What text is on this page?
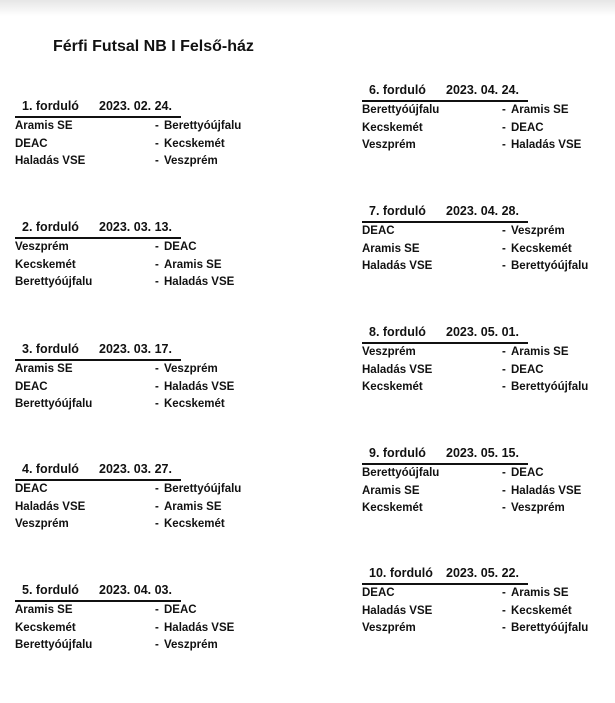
Férfi Futsal NB I Felső-ház
1. forduló 2023. 02. 24.
Aramis SE	- Berettyóújfalu
DEAC	- Kecskemét
Haladás VSE	- Veszprém
2. forduló 2023. 03. 13.
Veszprém	- DEAC
Kecskemét	- Aramis SE
Berettyóújfalu	- Haladás VSE
3. forduló 2023. 03. 17.
Aramis SE	- Veszprém
DEAC	- Haladás VSE
Berettyóújfalu	- Kecskemét
4. forduló 2023. 03. 27.
DEAC	- Berettyóújfalu
Haladás VSE	- Aramis SE
Veszprém	- Kecskemét
5. forduló 2023. 04. 03.
Aramis SE	- DEAC
Kecskemét	- Haladás VSE
Berettyóújfalu	- Veszprém
6. forduló 2023. 04. 24.
Berettyóújfalu	- Aramis SE
Kecskemét	- DEAC
Veszprém	- Haladás VSE
7. forduló 2023. 04. 28.
DEAC	- Veszprém
Aramis SE	- Kecskemét
Haladás VSE	- Berettyóújfalu
8. forduló 2023. 05. 01.
Veszprém	- Aramis SE
Haladás VSE	- DEAC
Kecskemét	- Berettyóújfalu
9. forduló 2023. 05. 15.
Berettyóújfalu	- DEAC
Aramis SE	- Haladás VSE
Kecskemét	- Veszprém
10. forduló 2023. 05. 22.
DEAC	- Aramis SE
Haladás VSE	- Kecskemét
Veszprém	- Berettyóújfalu
